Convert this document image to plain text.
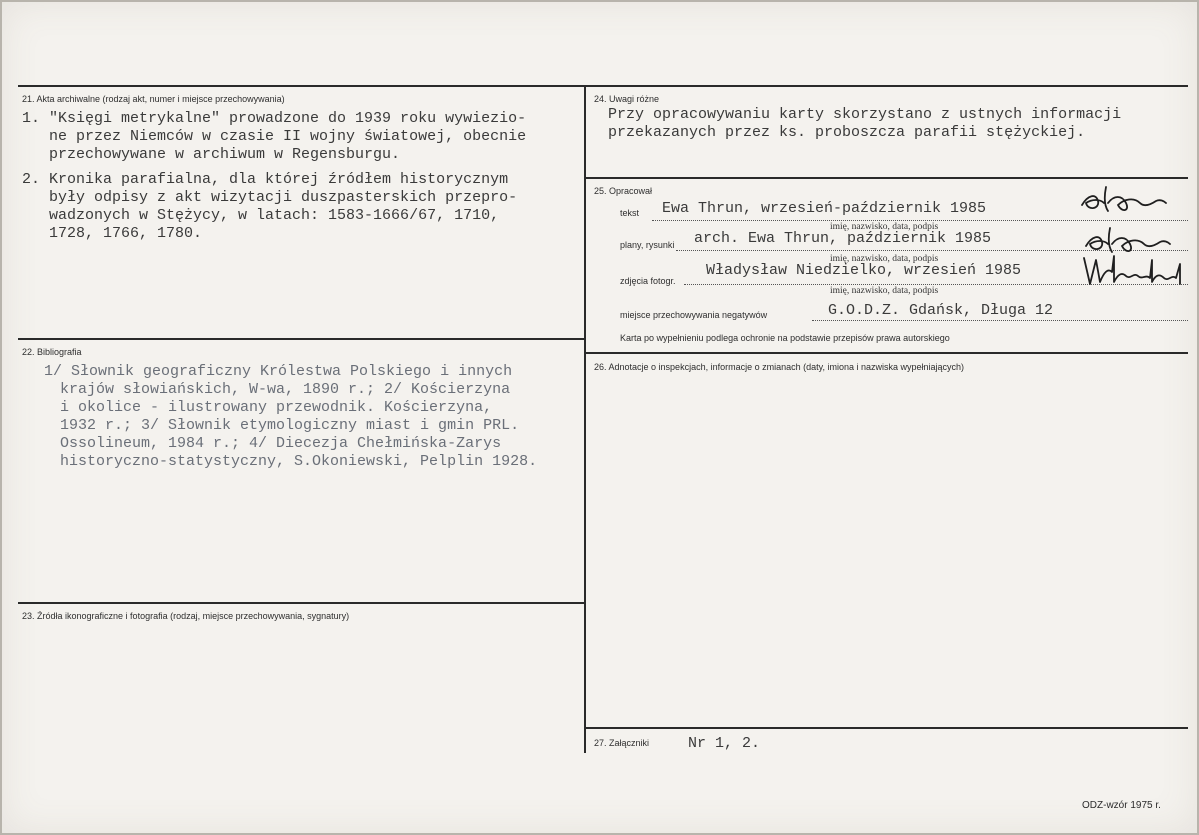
21. Akta archiwalne (rodzaj akt, numer i miejsce przechowywania)
1. "Księgi metrykalne" prowadzone do 1939 roku wywiezio-
ne przez Niemców w czasie II wojny światowej, obecnie
przechowywane w archiwum w Regensburgu.
2. Kronika parafialna, dla której źródłem historycznym
były odpisy z akt wizytacji duszpasterskich przepro-
wadzonych w Stężycy, w latach: 1583-1666/67, 1710,
1728, 1766, 1780.
22. Bibliografia
1/ Słownik geograficzny Królestwa Polskiego i innych
krajów słowiańskich, W-wa, 1890 r.; 2/ Kościerzyna
i okolice - ilustrowany przewodnik. Kościerzyna,
1932 r.; 3/ Słownik etymologiczny miast i gmin PRL.
Ossolineum, 1984 r.; 4/ Diecezja Chełmińska-Zarys
historyczno-statystyczny, S.Okoniewski, Pelplin 1928.
23. Źródła ikonograficzne i fotografia (rodzaj, miejsce przechowywania, sygnatury)
24. Uwagi różne
Przy opracowywaniu karty skorzystano z ustnych informacji
przekazanych przez ks. proboszcza parafii stężyckiej.
25. Opracował
tekst Ewa Thrun, wrzesień-październik 1985
imię, nazwisko, data, podpis
plany, rysunki arch. Ewa Thrun, październik 1985
imię, nazwisko, data, podpis
zdjęcia fotogr.
Władysław Niedzielko, wrzesień 1985
imię, nazwisko, data, podpis
miejsce przechowywania negatywów	G.O.D.Z. Gdańsk, Długa 12
Karta po wypełnieniu podlega ochronie na podstawie przepisów prawa autorskiego
26. Adnotacje o inspekcjach, informacje o zmianach (daty, imiona i nazwiska wypełniających)
27. Załączniki	Nr 1, 2.
ODZ-wzór 1975 r.
